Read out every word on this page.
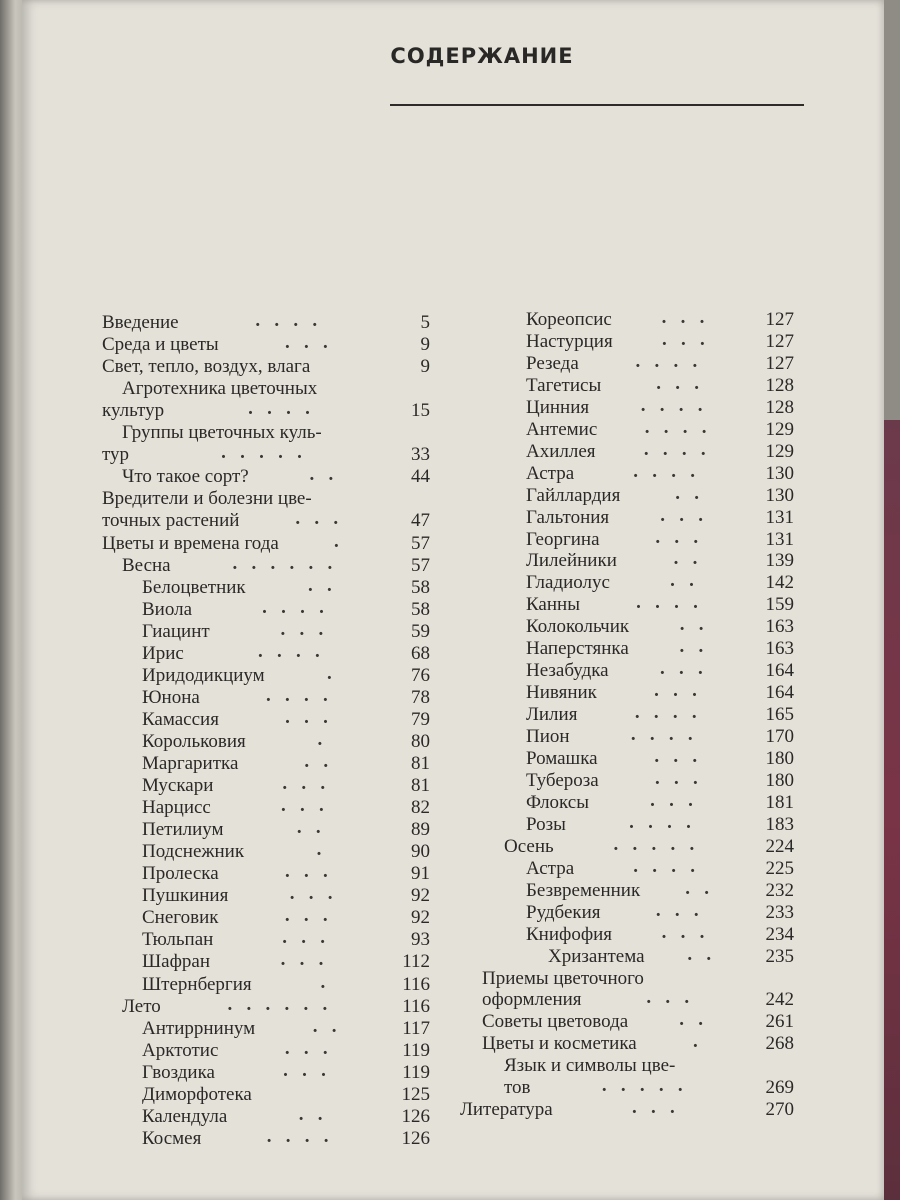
СОДЕРЖАНИЕ
Введение	.   .   .   .	5
Среда и цветы	.   .   .	9
Свет, тепло, воздух, влага	9
Агротехника цветочных
культур	.   .   .   .	15
Группы цветочных куль-
тур	.   .   .   .   .	33
Что такое сорт?	.   .	44
Вредители и болезни цве-
точных растений	.   .   .	47
Цветы и времена года	.	57
Весна	.   .   .   .   .   .	57
Белоцветник	.   .	58
Виола	.   .   .   .	58
Гиацинт	.   .   .	59
Ирис	.   .   .   .	68
Иридодикциум	.	76
Юнона	.   .   .   .	78
Камассия	.   .   .	79
Корольковия	.	80
Маргаритка	.   .	81
Мускари	.   .   .	81
Нарцисс	.   .   .	82
Петилиум	.   .	89
Подснежник	.	90
Пролеска	.   .   .	91
Пушкиния	.   .   .	92
Снеговик	.   .   .	92
Тюльпан	.   .   .	93
Шафран	.   .   .	112
Штернбергия	.	116
Лето	.   .   .   .   .   .	116
Антиррнинум	.   .	117
Арктотис	.   .   .	119
Гвоздика	.   .   .	119
Диморфотека	125
Календула	.   .	126
Космея	.   .   .   .	126
Кореопсис	.   .   .	127
Настурция	.   .   .	127
Резеда	.   .   .   .	127
Тагетисы	.   .   .	128
Цинния	.   .   .   .	128
Антемис	.   .   .   .	129
Ахиллея	.   .   .   .	129
Астра	.   .   .   .	130
Гайллардия	.   .	130
Гальтония	.   .   .	131
Георгина	.   .   .	131
Лилейники	.   .	139
Гладиолус	.   .	142
Канны	.   .   .   .	159
Колокольчик	.   .	163
Наперстянка	.   .	163
Незабудка	.   .   .	164
Нивяник	.   .   .	164
Лилия	.   .   .   .	165
Пион	.   .   .   .	170
Ромашка	.   .   .	180
Тубероза	.   .   .	180
Флоксы	.   .   .	181
Розы	.   .   .   .	183
Осень	.   .   .   .   .	224
Астра	.   .   .   .	225
Безвременник .   .	232
Рудбекия	.   .   .	233
Книфофия	.   .   .	234
Хризантема .   .	235
Приемы цветочного
оформления	.   .   .	242
Советы цветовода	.   .	261
Цветы и косметика	.	268
Язык и символы цве-
тов	.   .   .   .   .	269
Литература	.   .   .	270
